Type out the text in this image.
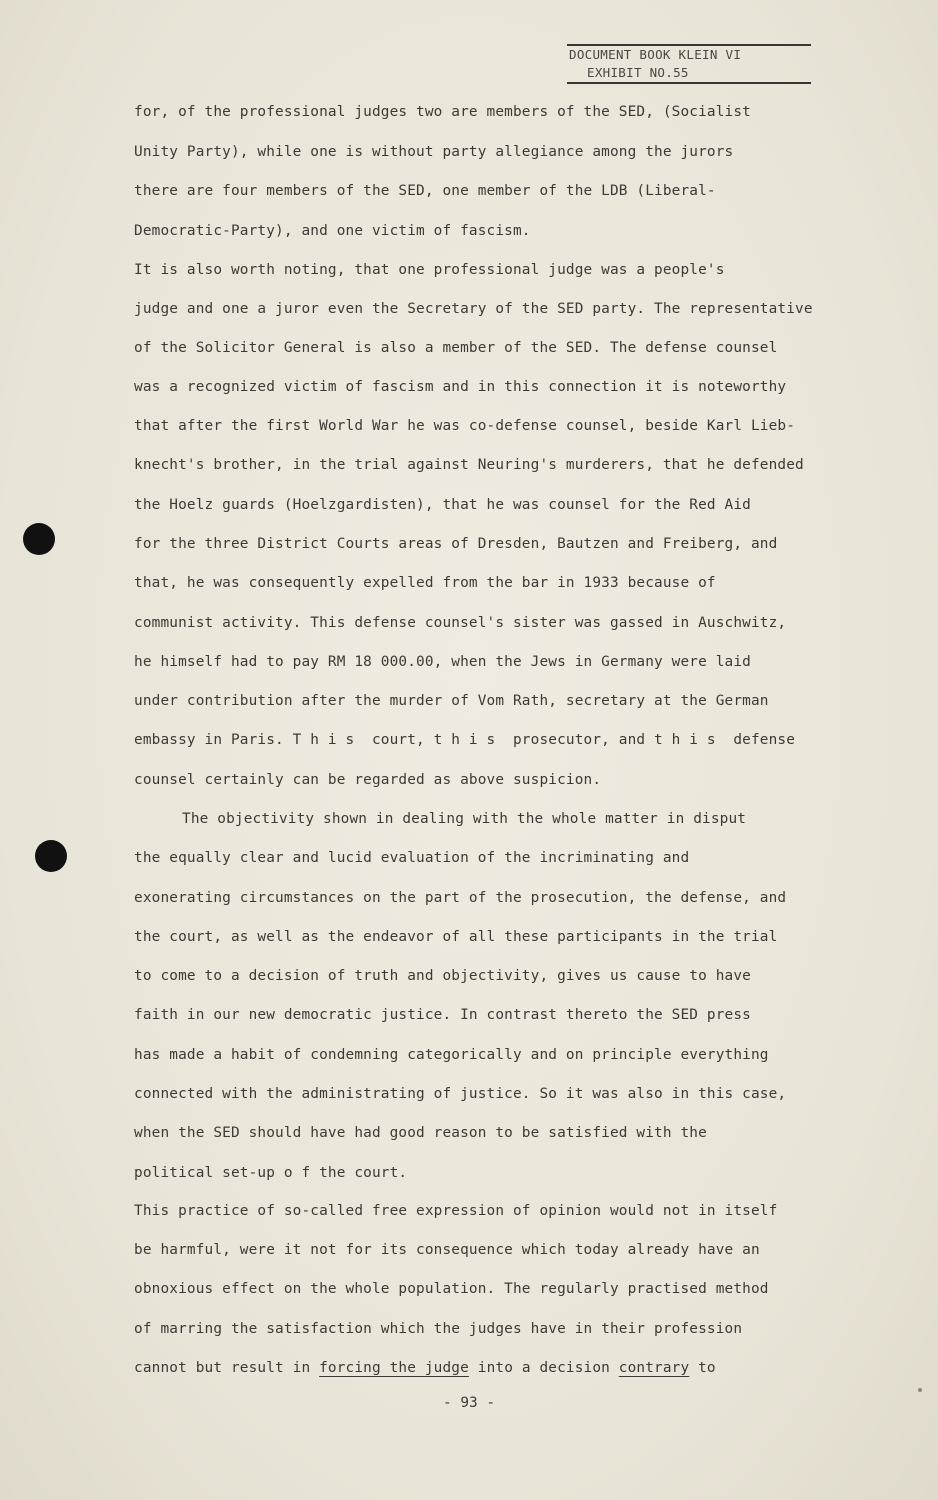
DOCUMENT BOOK KLEIN VI
EXHIBIT NO.55
for, of the professional judges two are members of the SED, (Socialist
Unity Party), while one is without party allegiance among the jurors
there are four members of the SED, one member of the LDB (Liberal-
Democratic-Party), and one victim of fascism.
It is also worth noting, that one professional judge was a people's
judge and one a juror even the Secretary of the SED party. The representative
of the Solicitor General is also a member of the SED. The defense counsel
was a recognized victim of fascism and in this connection it is noteworthy
that after the first World War he was co-defense counsel, beside Karl Lieb-
knecht's brother, in the trial against Neuring's murderers, that he defended
the Hoelz guards (Hoelzgardisten), that he was counsel for the Red Aid
for the three District Courts areas of Dresden, Bautzen and Freiberg, and
that, he was consequently expelled from the bar in 1933 because of
communist activity. This defense counsel's sister was gassed in Auschwitz,
he himself had to pay RM 18 000.00, when the Jews in Germany were laid
under contribution after the murder of Vom Rath, secretary at the German
embassy in Paris. T h i s  court, t h i s  prosecutor, and t h i s  defense
counsel certainly can be regarded as above suspicion.
The objectivity shown in dealing with the whole matter in disput
the equally clear and lucid evaluation of the incriminating and
exonerating circumstances on the part of the prosecution, the defense, and
the court, as well as the endeavor of all these participants in the trial
to come to a decision of truth and objectivity, gives us cause to have
faith in our new democratic justice. In contrast thereto the SED press
has made a habit of condemning categorically and on principle everything
connected with the administrating of justice. So it was also in this case,
when the SED should have had good reason to be satisfied with the
political set-up o f the court.
This practice of so-called free expression of opinion would not in itself
be harmful, were it not for its consequence which today already have an
obnoxious effect on the whole population. The regularly practised method
of marring the satisfaction which the judges have in their profession
cannot but result in forcing the judge into a decision contrary to
- 93 -
